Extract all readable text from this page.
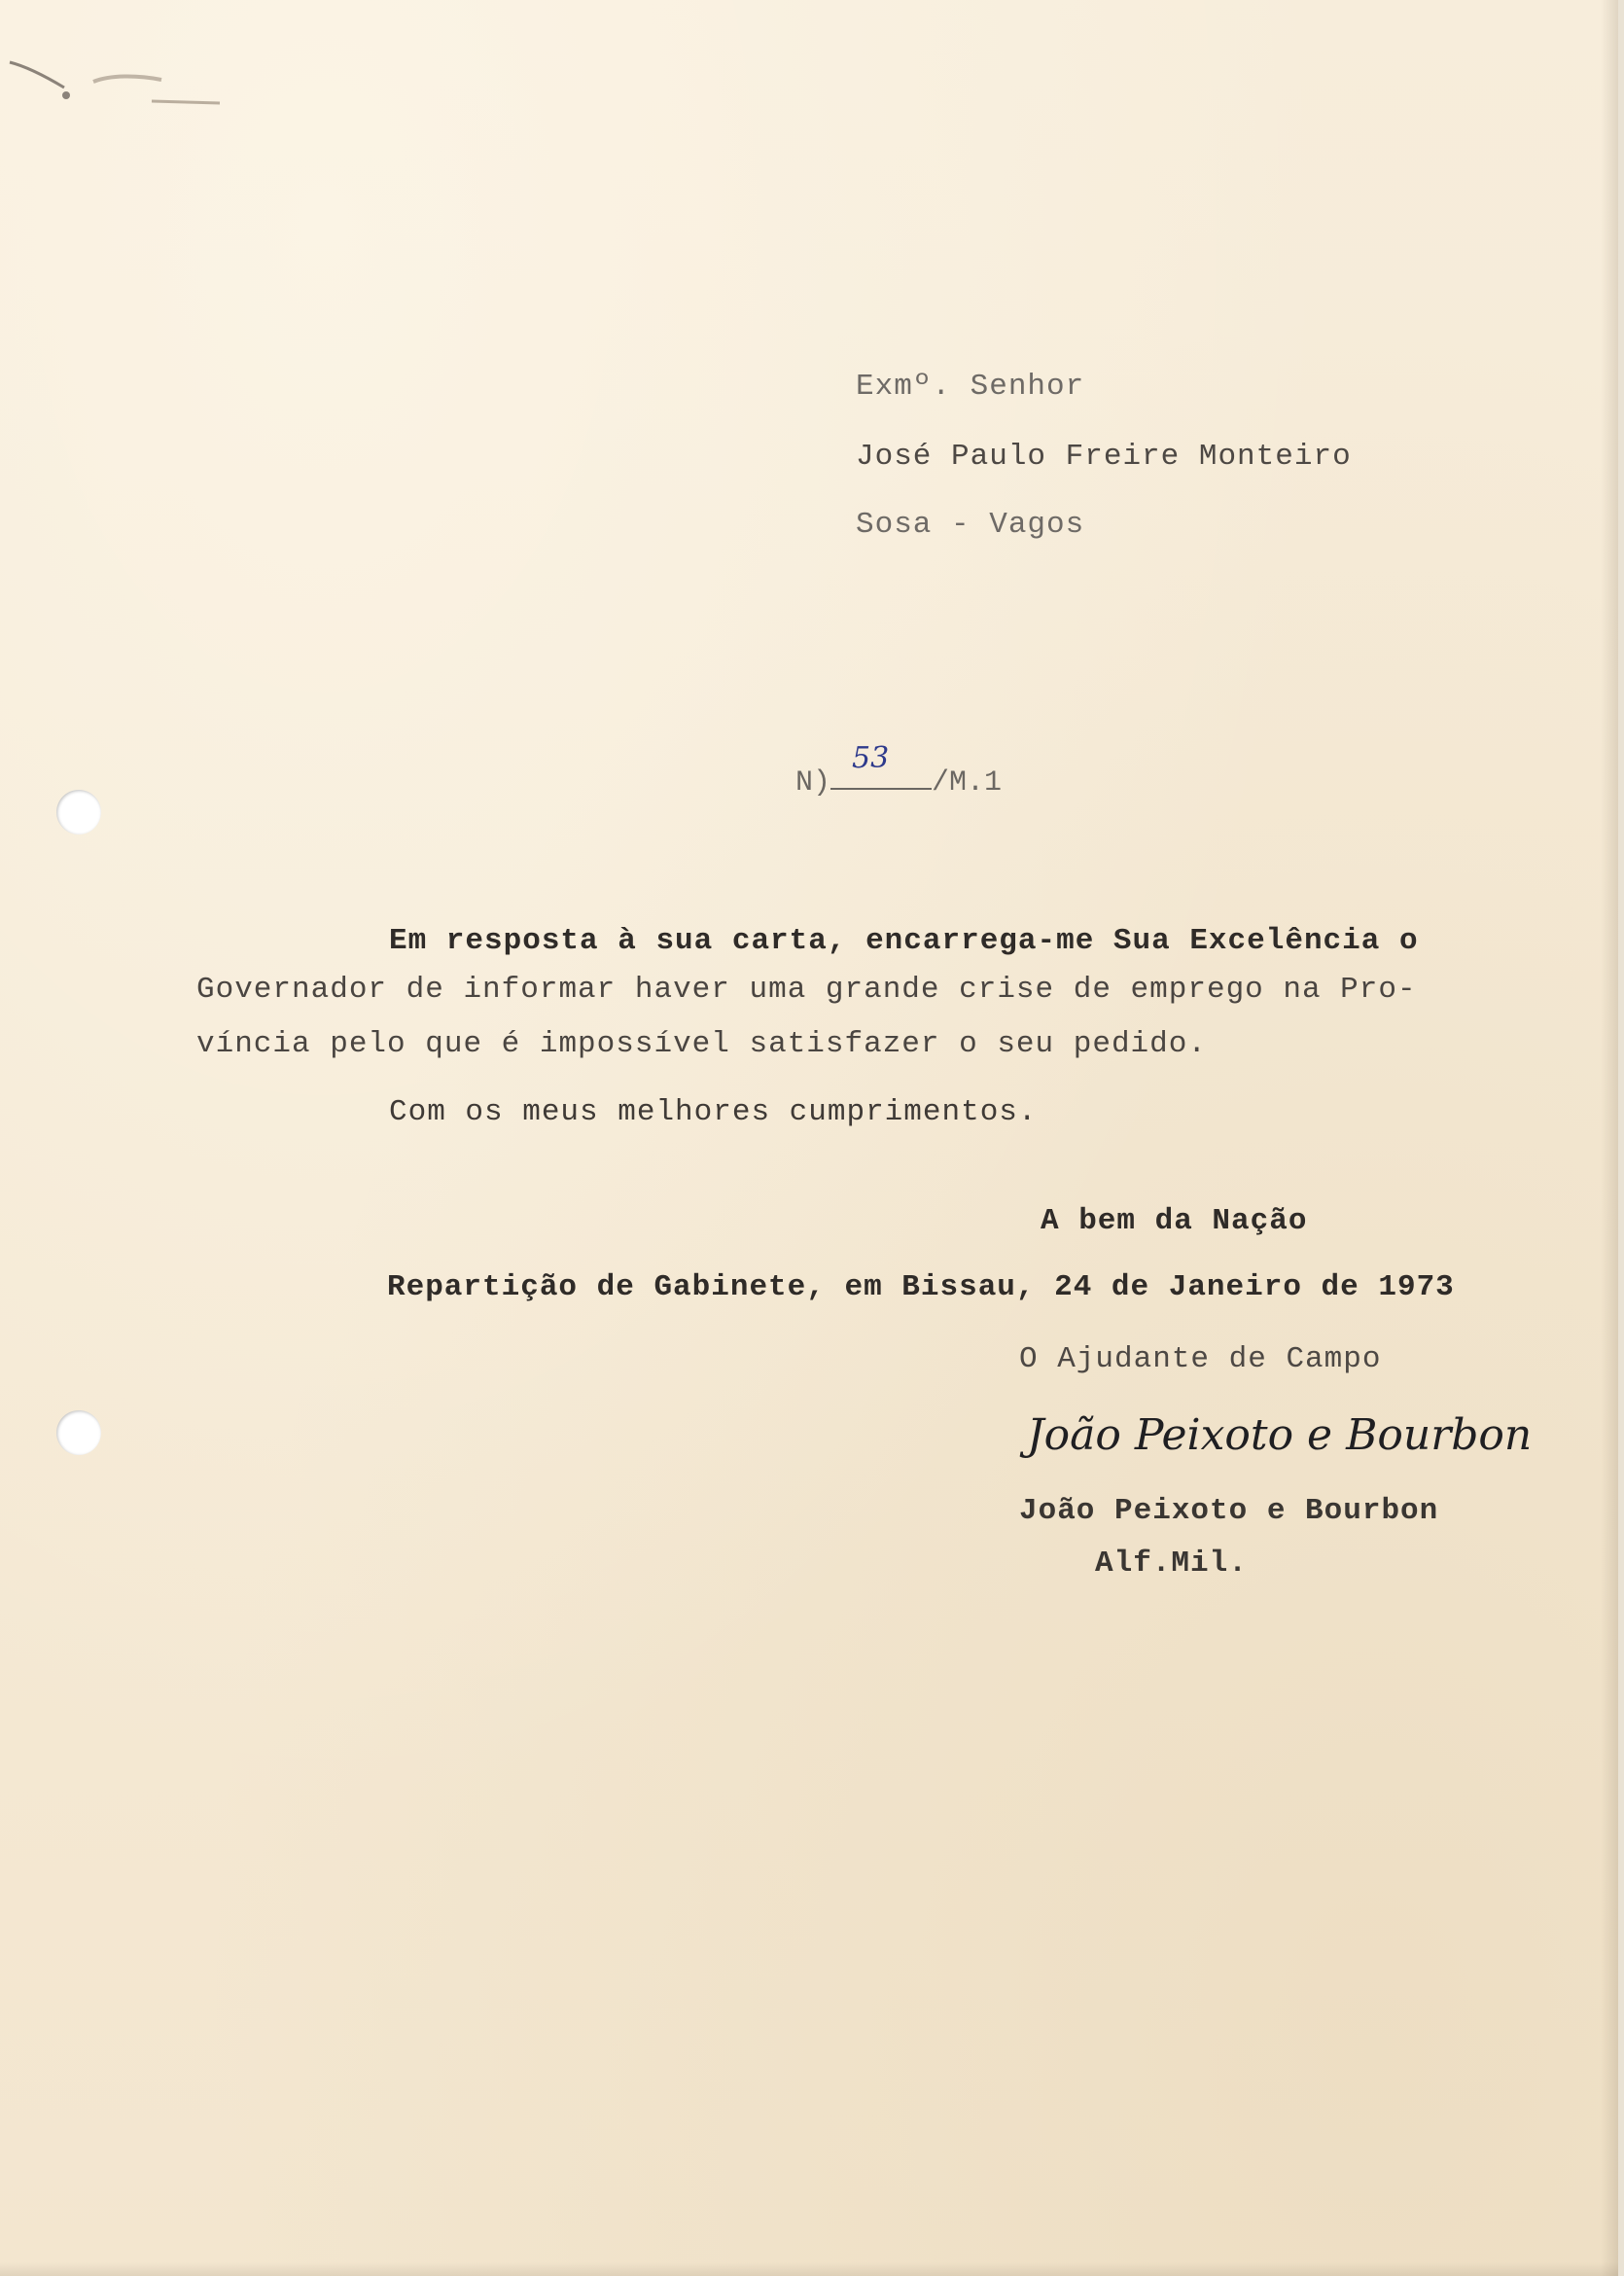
Exmº. Senhor
José Paulo Freire Monteiro
Sosa - Vagos
N)
53
/M.1
Em resposta à sua carta, encarrega-me Sua Excelência o
Governador de informar haver uma grande crise de emprego na Pro-
víncia pelo que é impossível satisfazer o seu pedido.
Com os meus melhores cumprimentos.
A bem da Nação
Repartição de Gabinete, em Bissau, 24 de Janeiro de 1973
O Ajudante de Campo
João Peixoto e Bourbon
João Peixoto e Bourbon
Alf.Mil.
